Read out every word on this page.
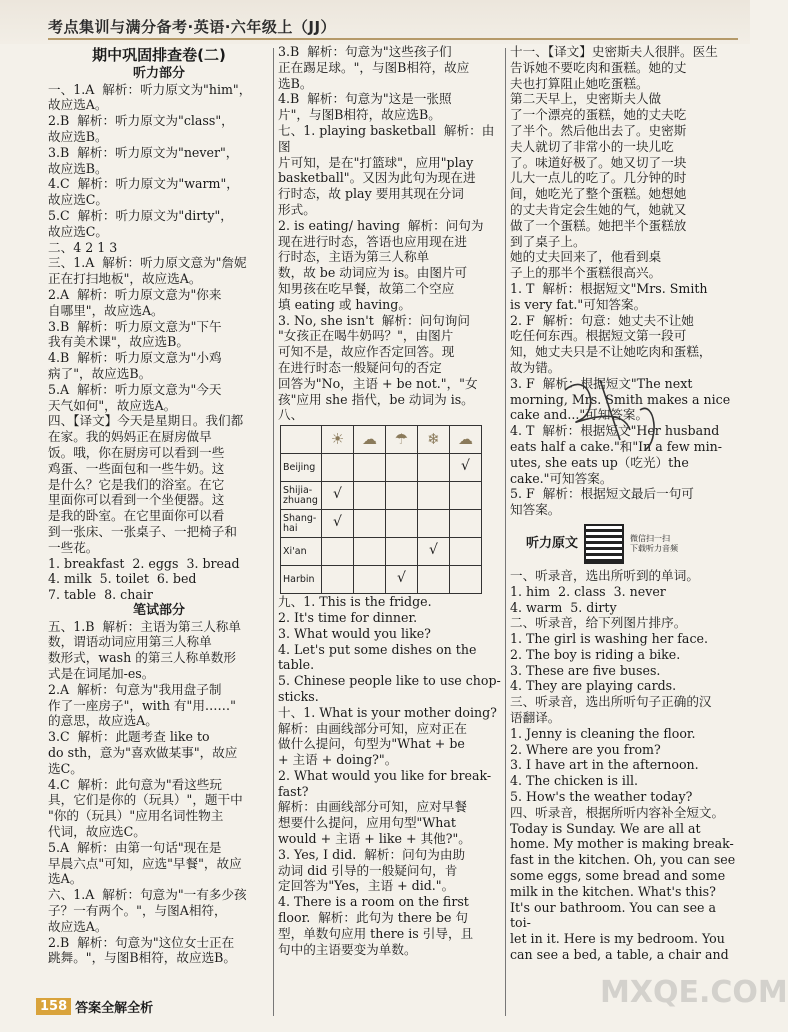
考点集训与满分备考·英语·六年级上（JJ）

期中巩固排查卷(二)

听力部分

一、1.A  解析：听力原文为"him"，

故应选A。

2.B  解析：听力原文为"class"，

故应选B。

3.B  解析：听力原文为"never"，

故应选B。

4.C  解析：听力原文为"warm"，

故应选C。

5.C  解析：听力原文为"dirty"，

故应选C。

二、4 2 1 3

三、1.A  解析：听力原文意为"詹妮

正在打扫地板"，故应选A。

2.A  解析：听力原文意为"你来

自哪里"，故应选A。

3.B  解析：听力原文意为"下午

我有美术课"，故应选B。

4.B  解析：听力原文意为"小鸡

病了"，故应选B。

5.A  解析：听力原文意为"今天

天气如何"，故应选A。

四、【译文】今天是星期日。我们都

在家。我的妈妈正在厨房做早

饭。哦，你在厨房可以看到一些

鸡蛋、一些面包和一些牛奶。这

是什么？它是我们的浴室。在它

里面你可以看到一个坐便器。这

是我的卧室。在它里面你可以看

到一张床、一张桌子、一把椅子和

一些花。

1. breakfast  2. eggs  3. bread

4. milk  5. toilet  6. bed

7. table  8. chair

笔试部分

五、1.B  解析：主语为第三人称单

数，谓语动词应用第三人称单

数形式，wash 的第三人称单数形

式是在词尾加-es。

2.A  解析：句意为"我用盘子制

作了一座房子"，with 有"用……"

的意思，故应选A。

3.C  解析：此题考查 like to

do sth，意为"喜欢做某事"，故应

选C。

4.C  解析：此句意为"看这些玩

具，它们是你的（玩具）"，题干中

"你的（玩具）"应用名词性物主

代词，故应选C。

5.A  解析：由第一句话"现在是

早晨六点"可知，应选"早餐"，故应

选A。

六、1.A  解析：句意为"一有多少孩

子？一有两个。"，与图A相符，

故应选A。

2.B  解析：句意为"这位女士正在

跳舞。"，与图B相符，故应选B。

3.B  解析：句意为"这些孩子们

正在踢足球。"，与图B相符，故应

选B。

4.B  解析：句意为"这是一张照

片"，与图B相符，故应选B。

七、1. playing basketball  解析：由图

片可知，是在"打篮球"，应用"play

basketball"。又因为此句为现在进

行时态，故 play 要用其现在分词

形式。

2. is eating/ having  解析：问句为

现在进行时态，答语也应用现在进

行时态，主语为第三人称单

数，故 be 动词应为 is。由图片可

知男孩在吃早餐，故第二个空应

填 eating 或 having。

3. No, she isn't  解析：问句询问

"女孩正在喝牛奶吗？"，由图片

可知不是，故应作否定回答。现

在进行时态一般疑问句的否定

回答为"No，主语 + be not."，"女

孩"应用 she 指代，be 动词为 is。

八、

	☀	☁	☂	❄	☁
Beijing					√
Shijia-zhuang	√				
Shang-hai	√				
Xi'an				√	
Harbin			√		

九、1. This is the fridge.

2. It's time for dinner.

3. What would you like?

4. Let's put some dishes on the

table.

5. Chinese people like to use chop-

sticks.

十、1. What is your mother doing?

解析：由画线部分可知，应对正在

做什么提问，句型为"What + be

+ 主语 + doing?"。

2. What would you like for break-

fast?

解析：由画线部分可知，应对早餐

想要什么提问，应用句型"What

would + 主语 + like + 其他?"。

3. Yes, I did.  解析：问句为由助

动词 did 引导的一般疑问句，肯

定回答为"Yes，主语 + did."。

4. There is a room on the first

floor.  解析：此句为 there be 句

型，单数句应用 there is 引导，且

句中的主语要变为单数。

十一、【译文】史密斯夫人很胖。医生

告诉她不要吃肉和蛋糕。她的丈

夫也打算阻止她吃蛋糕。

第二天早上，史密斯夫人做

了一个漂亮的蛋糕，她的丈夫吃

了半个。然后他出去了。史密斯

夫人就切了非常小的一块儿吃

了。味道好极了。她又切了一块

儿大一点儿的吃了。几分钟的时

间，她吃光了整个蛋糕。她想她

的丈夫肯定会生她的气，她就又

做了一个蛋糕。她把半个蛋糕放

到了桌子上。

她的丈夫回来了，他看到桌

子上的那半个蛋糕很高兴。

1. T  解析：根据短文"Mrs. Smith

is very fat."可知答案。

2. F  解析：句意：她丈夫不让她

吃任何东西。根据短文第一段可

知，她丈夫只是不让她吃肉和蛋糕，

故为错。

3. F  解析：根据短文"The next

morning, Mrs. Smith makes a nice

cake and..."可知答案。

4. T  解析：根据短文"Her husband

eats half a cake."和"In a few min-

utes, she eats up（吃光）the

cake."可知答案。

5. F  解析：根据短文最后一句可

知答案。

听力原文	微信扫一扫
下载听力音频

一、听录音，选出所听到的单词。

1. him  2. class  3. never

4. warm  5. dirty

二、听录音，给下列图片排序。

1. The girl is washing her face.

2. The boy is riding a bike.

3. These are five buses.

4. They are playing cards.

三、听录音，选出所听句子正确的汉

语翻译。

1. Jenny is cleaning the floor.

2. Where are you from?

3. I have art in the afternoon.

4. The chicken is ill.

5. How's the weather today?

四、听录音，根据所听内容补全短文。

Today is Sunday. We are all at

home. My mother is making break-

fast in the kitchen. Oh, you can see

some eggs, some bread and some

milk in the kitchen. What's this?

It's our bathroom. You can see a toi-

let in it. Here is my bedroom. You

can see a bed, a table, a chair and

MXQE.COM
158 答案全解全析
